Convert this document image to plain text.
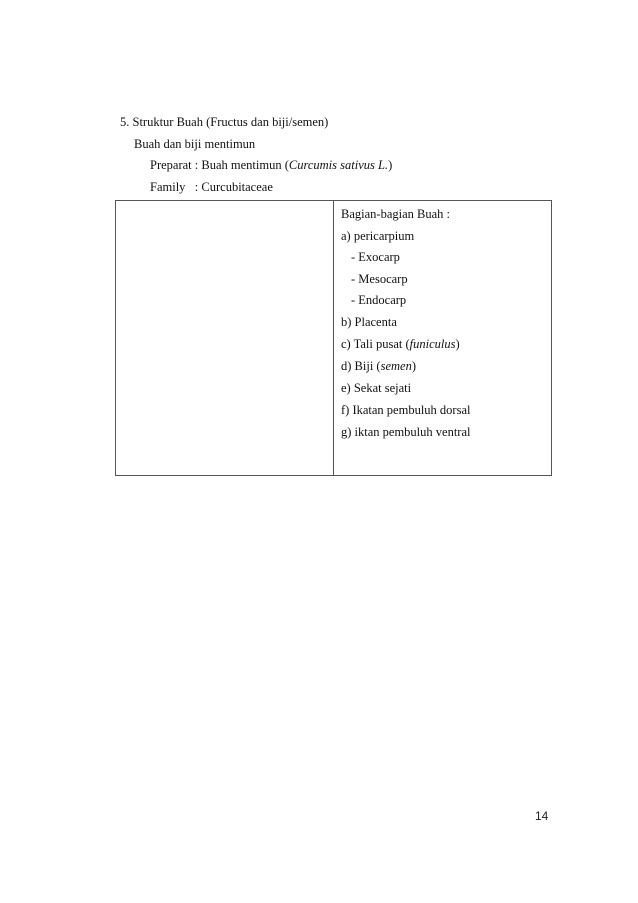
5. Struktur Buah (Fructus dan biji/semen)
Buah dan biji mentimun
Preparat : Buah mentimun (Curcumis sativus L.)
Family   : Curcubitaceae
Bagian-bagian Buah :
a) pericarpium
- Exocarp
- Mesocarp
- Endocarp
b) Placenta
c) Tali pusat (funiculus)
d) Biji (semen)
e) Sekat sejati
f) Ikatan pembuluh dorsal
g) iktan pembuluh ventral
14
